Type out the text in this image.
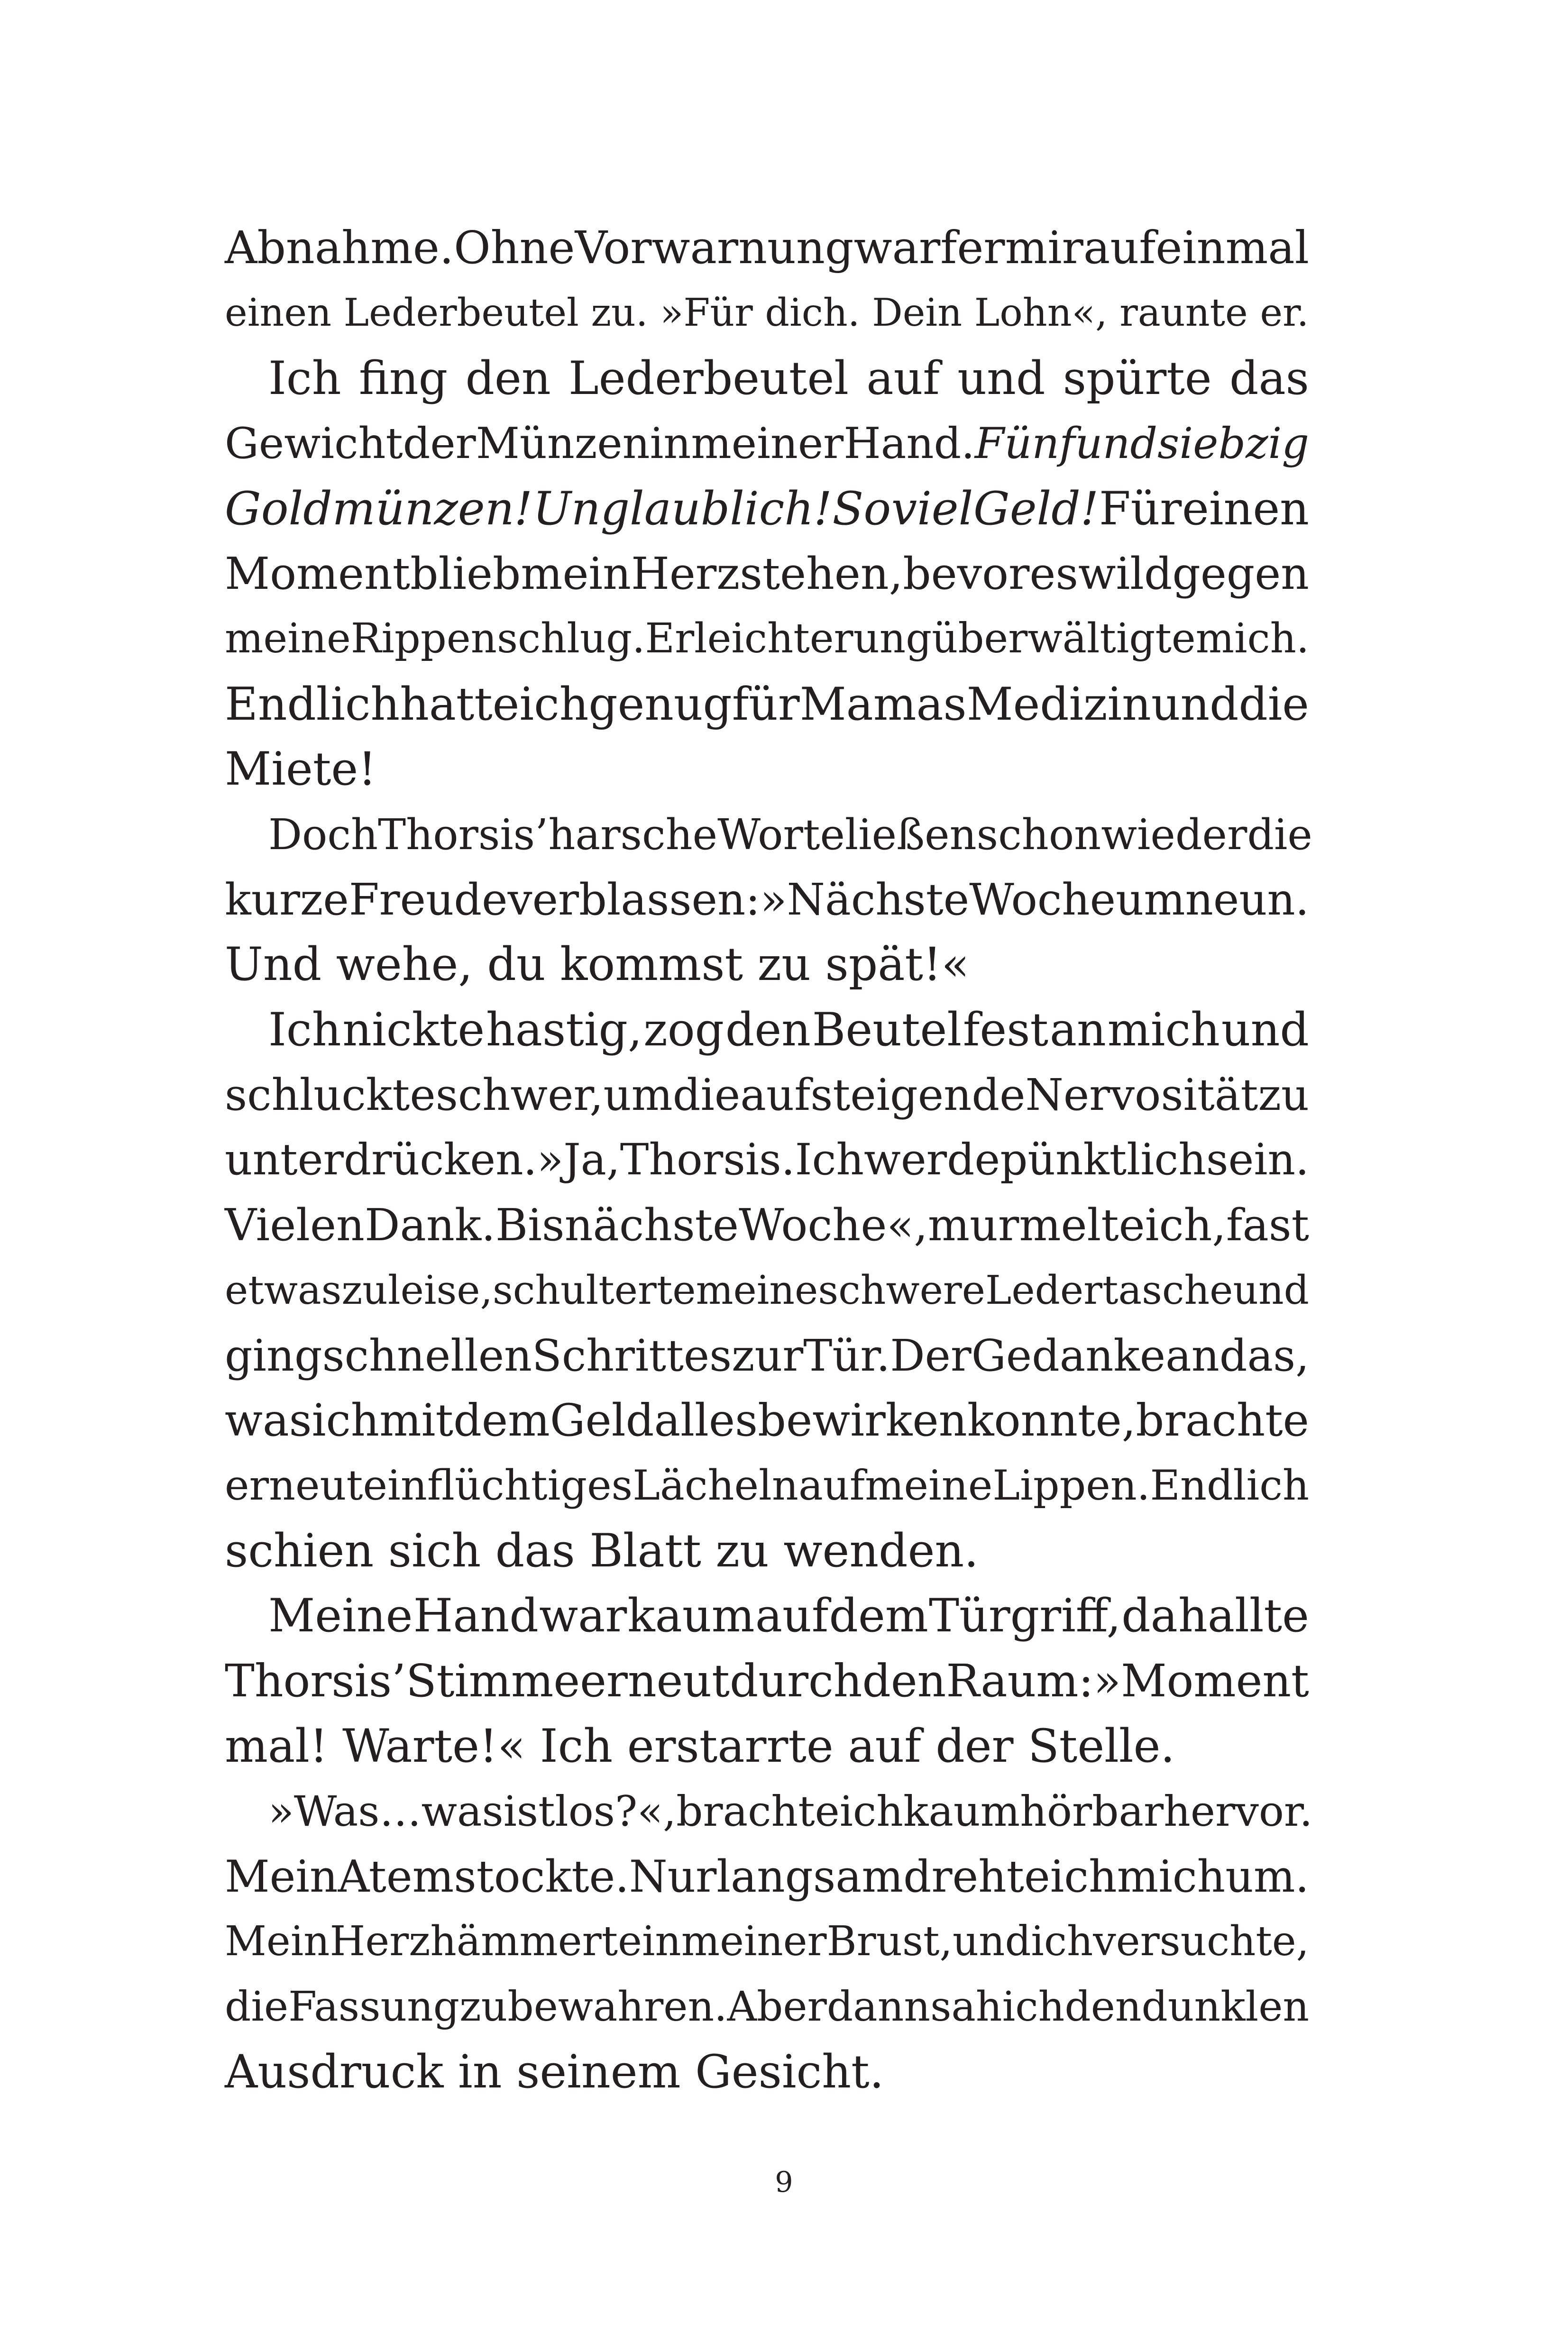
Abnahme. Ohne Vorwarnung warf er mir auf einmal
einen Lederbeutel zu. »Für dich. Dein Lohn«, raunte er.
Ich fing den Lederbeutel auf und spürte das
Gewicht der Münzen in meiner Hand. Fünfundsiebzig
Goldmünzen! Unglaublich! So viel Geld! Für einen
Moment blieb mein Herz stehen, bevor es wild gegen
meine Rippen schlug. Erleichterung überwältigte mich.
Endlich hatte ich genug für Mamas Medizin und die
Miete!
Doch Thorsis’ harsche Worte ließen schon wieder die
kurze Freude verblassen: »Nächste Woche um neun.
Und wehe, du kommst zu spät!«
Ich nickte hastig, zog den Beutel fest an mich und
schluckte schwer, um die aufsteigende Nervosität zu
unterdrücken. »Ja, Thorsis. Ich werde pünktlich sein.
Vielen Dank. Bis nächste Woche«, murmelte ich, fast
etwas zu leise, schulterte meine schwere Ledertasche und
ging schnellen Schrittes zur Tür. Der Gedanke an das,
was ich mit dem Geld alles bewirken konnte, brachte
erneut ein flüchtiges Lächeln auf meine Lippen. Endlich
schien sich das Blatt zu wenden.
Meine Hand war kaum auf dem Türgriff, da hallte
Thorsis’ Stimme erneut durch den Raum: »Moment
mal! Warte!« Ich erstarrte auf der Stelle.
»Was … was ist los?«, brachte ich kaum hörbar hervor.
Mein Atem stockte. Nur langsam drehte ich mich um.
Mein Herz hämmerte in meiner Brust, und ich versuchte,
die Fassung zu bewahren. Aber dann sah ich den dunklen
Ausdruck in seinem Gesicht.
9
